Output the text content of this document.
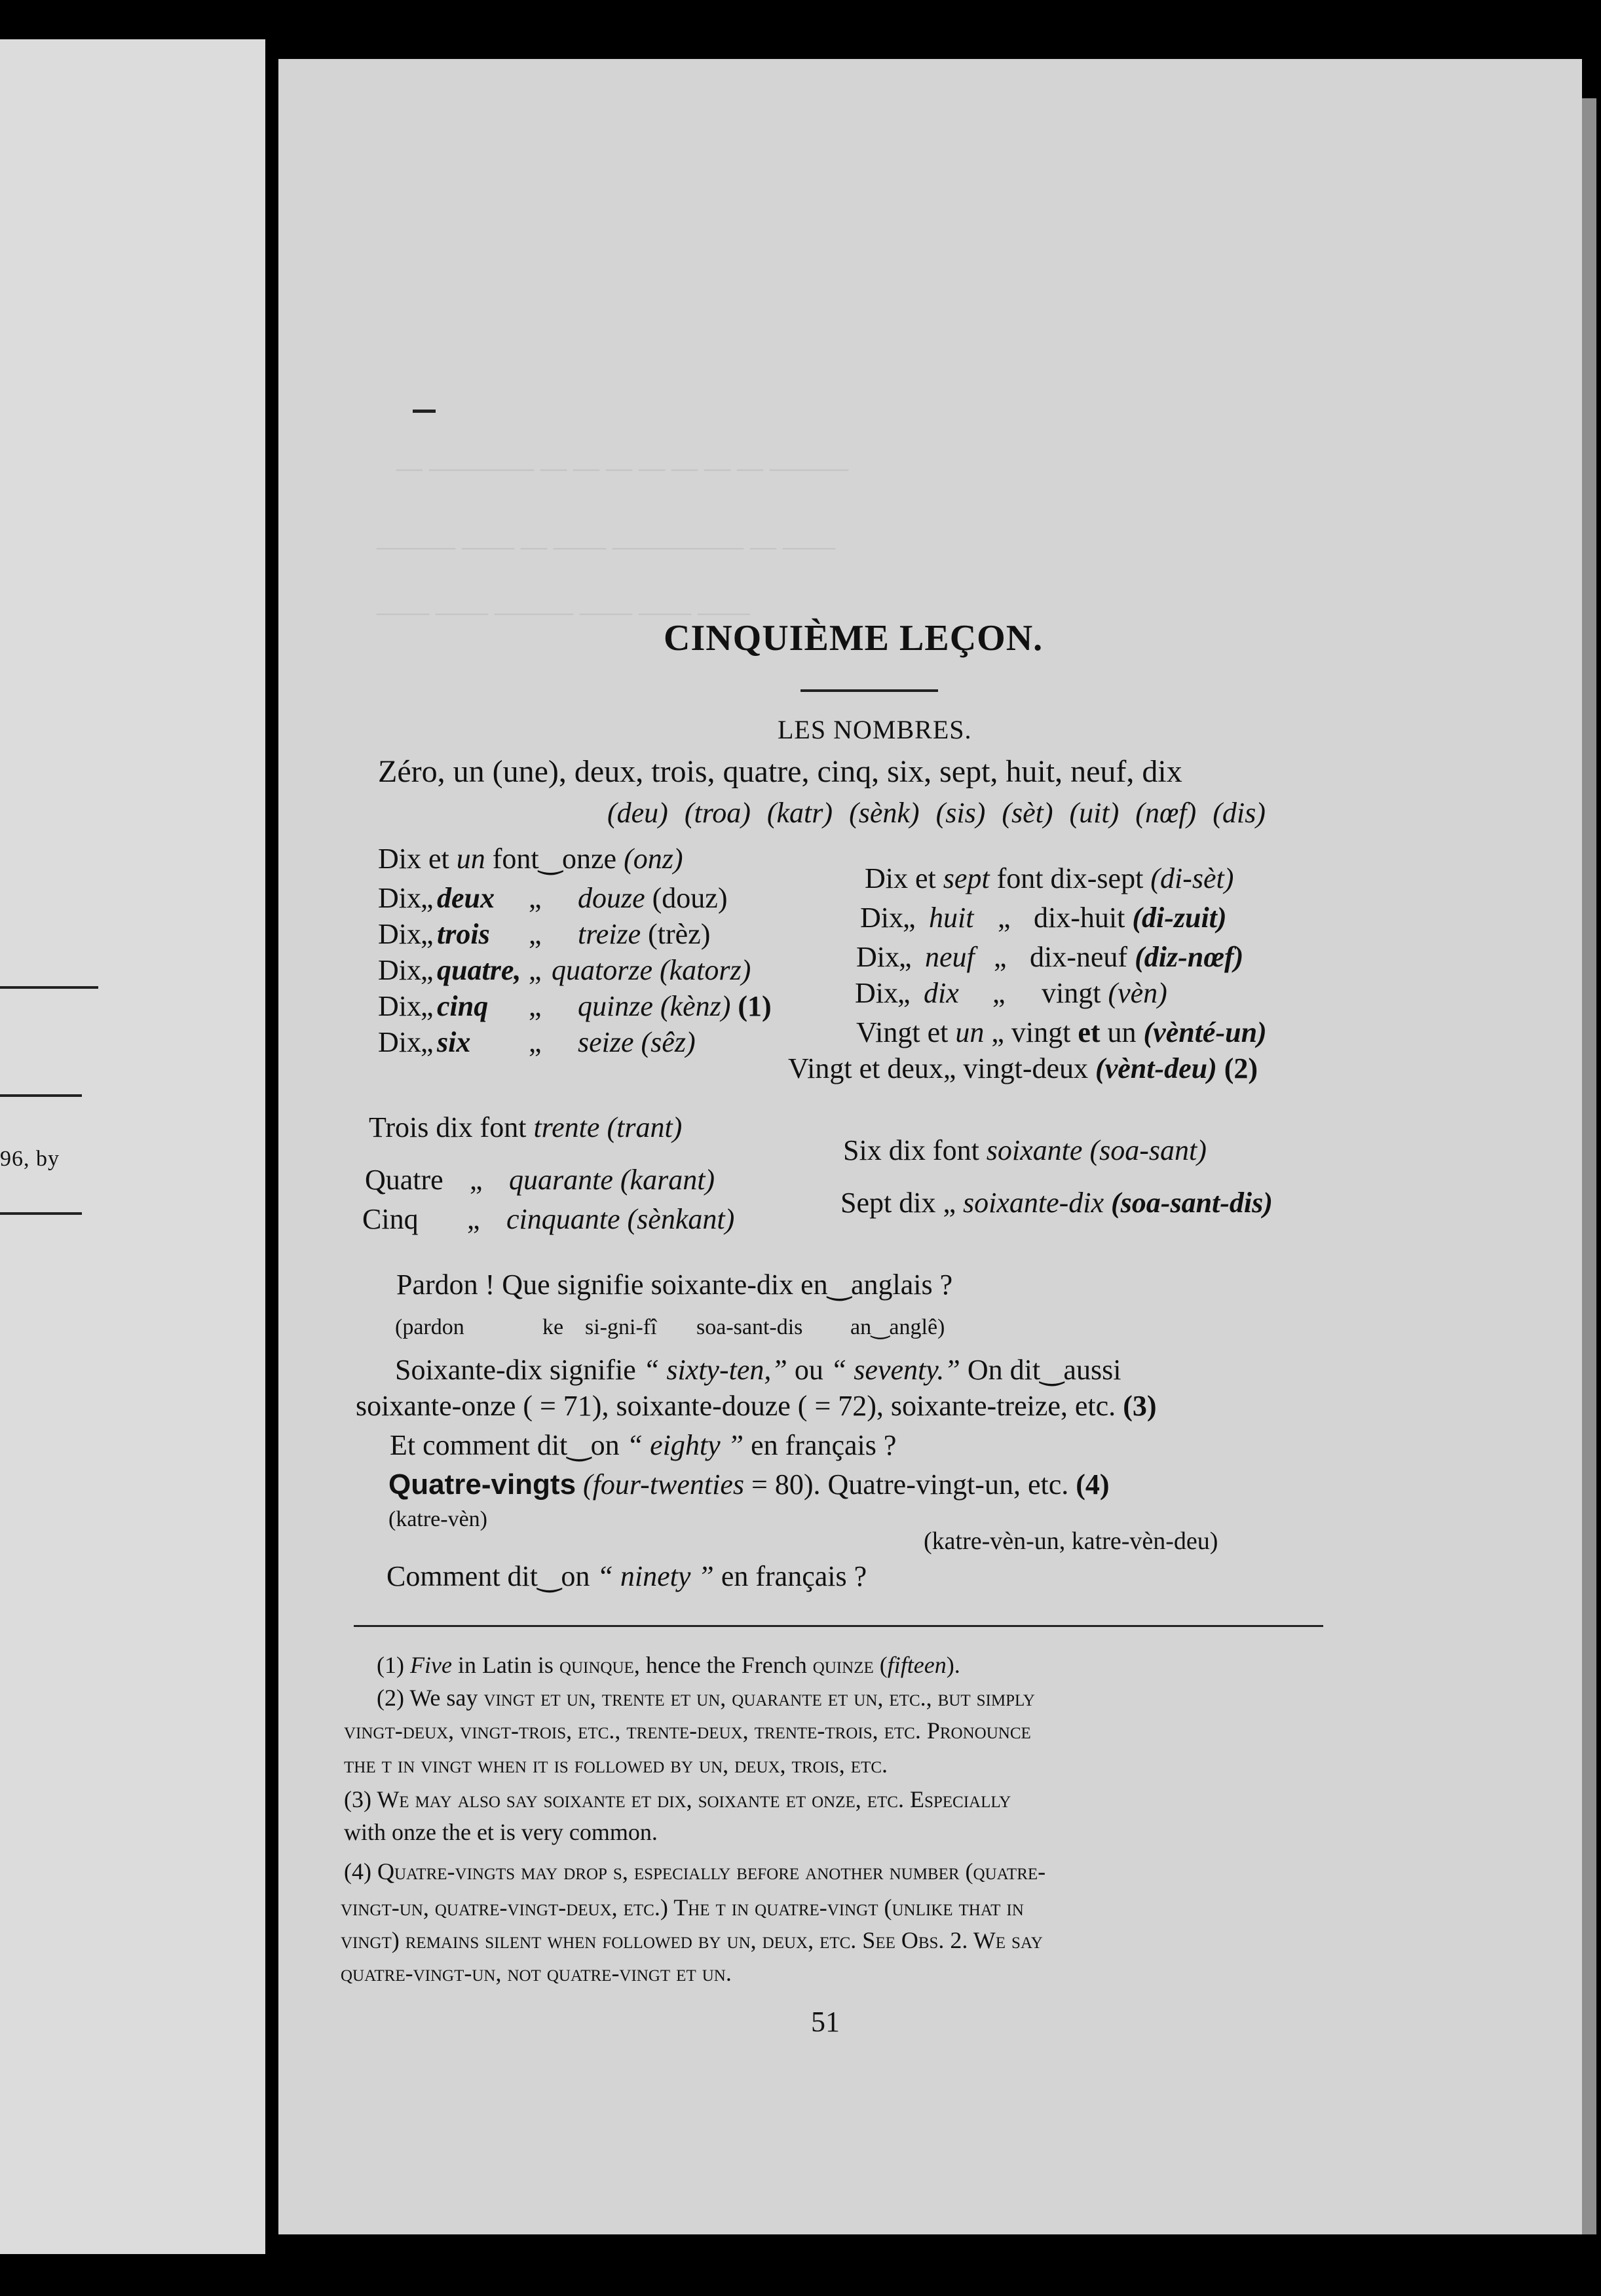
96, by
— ———— — — — — — — — ———
——— —— — —— ————— — ——
—— —— ——— —— —— ——
CINQUIÈME LEÇON.
LES NOMBRES.
Zéro, un (une), deux, trois, quatre, cinq, six, sept, huit, neuf, dix
(deu) (troa) (katr) (sènk) (sis) (sèt) (uit) (nœf) (dis)
Dix et un font‿onze (onz)
Dix„ deux „ douze (douz)
Dix„ trois „ treize (trèz)
Dix„ quatre, „ quatorze (katorz)
Dix„ cinq „ quinze (kènz) (1)
Dix„ six „ seize (sêz)
Dix et sept font dix-sept (di-sèt)
Dix„ huit „ dix-huit (di-zuit)
Dix„ neuf „ dix-neuf (diz-nœf)
Dix„ dix „ vingt (vèn)
Vingt et un „ vingt et un (vènté-un)
Vingt et deux„ vingt-deux (vènt-deu) (2)
Trois dix font trente (trant)
Six dix font soixante (soa-sant)
Quatre „ quarante (karant)
Sept dix „ soixante-dix (soa-sant-dis)
Cinq „ cinquante (sènkant)
Pardon ! Que signifie soixante-dix en‿anglais ?
(pardon	ke si-gni-fî soa-sant-dis an‿anglê)
Soixante-dix signifie “ sixty-ten,” ou “ seventy.” On dit‿aussi
soixante-onze ( = 71), soixante-douze ( = 72), soixante-treize, etc. (3)
Et comment dit‿on “ eighty ” en français ?
Quatre-vingts (four-twenties = 80). Quatre-vingt-un, etc. (4)
(katre-vèn)
(katre-vèn-un, katre-vèn-deu)
Comment dit‿on “ ninety ” en français ?
(1) Five in Latin is quinque, hence the French quinze (fifteen).
(2) We say vingt et un, trente et un, quarante et un, etc., but simply
vingt-deux, vingt-trois, etc., trente-deux, trente-trois, etc. Pronounce
the t in vingt when it is followed by un, deux, trois, etc.
(3) We may also say soixante et dix, soixante et onze, etc. Especially
with onze the et is very common.
(4) Quatre-vingts may drop s, especially before another number (quatre-
vingt-un, quatre-vingt-deux, etc.) The t in quatre-vingt (unlike that in
vingt) remains silent when followed by un, deux, etc. See Obs. 2. We say
quatre-vingt-un, not quatre-vingt et un.
51
